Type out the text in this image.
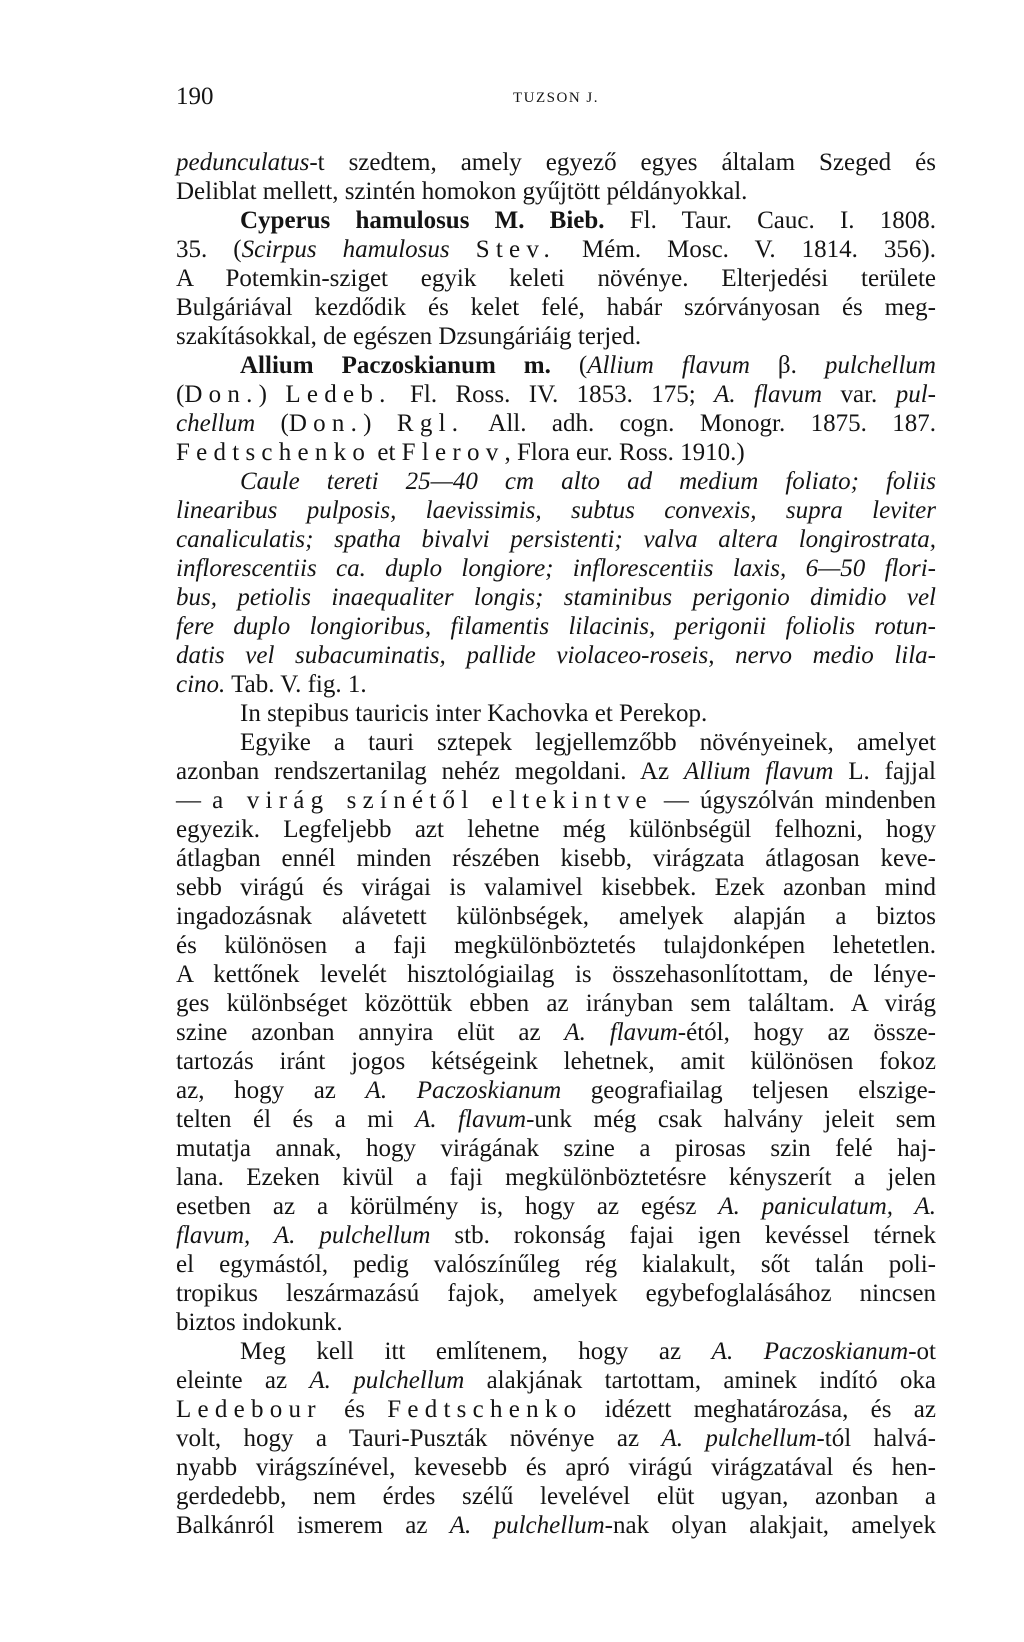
190	TUZSON J.
pedunculatus-t szedtem, amely egyező egyes általam Szeged és
Deliblat mellett, szintén homokon gyűjtött példányokkal.
Cyperus hamulosus M. Bieb. Fl. Taur. Cauc. I. 1808.
35. (Scirpus hamulosus Stev. Mém. Mosc. V. 1814. 356).
A Potemkin-sziget egyik keleti növénye. Elterjedési területe
Bulgáriával kezdődik és kelet felé, habár szórványosan és meg-
szakításokkal, de egészen Dzsungáriáig terjed.
Allium Paczoskianum m. (Allium flavum β. pulchellum
(Don.) Ledeb. Fl. Ross. IV. 1853. 175; A. flavum var. pul-
chellum (Don.) Rgl. All. adh. cogn. Monogr. 1875. 187.
Fedtschenko et Flerov, Flora eur. Ross. 1910.)
Caule tereti 25—40 cm alto ad medium foliato; foliis
linearibus pulposis, laevissimis, subtus convexis, supra leviter
canaliculatis; spatha bivalvi persistenti; valva altera longirostrata,
inflorescentiis ca. duplo longiore; inflorescentiis laxis, 6—50 flori-
bus, petiolis inaequaliter longis; staminibus perigonio dimidio vel
fere duplo longioribus, filamentis lilacinis, perigonii foliolis rotun-
datis vel subacuminatis, pallide violaceo-roseis, nervo medio lila-
cino. Tab. V. fig. 1.
In stepibus tauricis inter Kachovka et Perekop.
Egyike a tauri sztepek legjellemzőbb növényeinek, amelyet
azonban rendszertanilag nehéz megoldani. Az Allium flavum L. fajjal
— a virág színétől eltekintve — úgyszólván mindenben
egyezik. Legfeljebb azt lehetne még különbségül felhozni, hogy
átlagban ennél minden részében kisebb, virágzata átlagosan keve-
sebb virágú és virágai is valamivel kisebbek. Ezek azonban mind
ingadozásnak alávetett különbségek, amelyek alapján a biztos
és különösen a faji megkülönböztetés tulajdonképen lehetetlen.
A kettőnek levelét hisztológiailag is összehasonlítottam, de lénye-
ges különbséget közöttük ebben az irányban sem találtam. A virág
szine azonban annyira elüt az A. flavum-étól, hogy az össze-
tartozás iránt jogos kétségeink lehetnek, amit különösen fokoz
az, hogy az A. Paczoskianum geografiailag teljesen elszige-
telten él és a mi A. flavum-unk még csak halvány jeleit sem
mutatja annak, hogy virágának szine a pirosas szin felé haj-
lana. Ezeken kivül a faji megkülönböztetésre kényszerít a jelen
esetben az a körülmény is, hogy az egész A. paniculatum, A.
flavum, A. pulchellum stb. rokonság fajai igen kevéssel térnek
el egymástól, pedig valószínűleg rég kialakult, sőt talán poli-
tropikus leszármazású fajok, amelyek egybefoglalásához nincsen
biztos indokunk.
Meg kell itt említenem, hogy az A. Paczoskianum-ot
eleinte az A. pulchellum alakjának tartottam, aminek indító oka
Ledebour és Fedtschenko idézett meghatározása, és az
volt, hogy a Tauri-Puszták növénye az A. pulchellum-tól halvá-
nyabb virágszínével, kevesebb és apró virágú virágzatával és hen-
gerdedebb, nem érdes szélű levelével elüt ugyan, azonban a
Balkánról ismerem az A. pulchellum-nak olyan alakjait, amelyek
